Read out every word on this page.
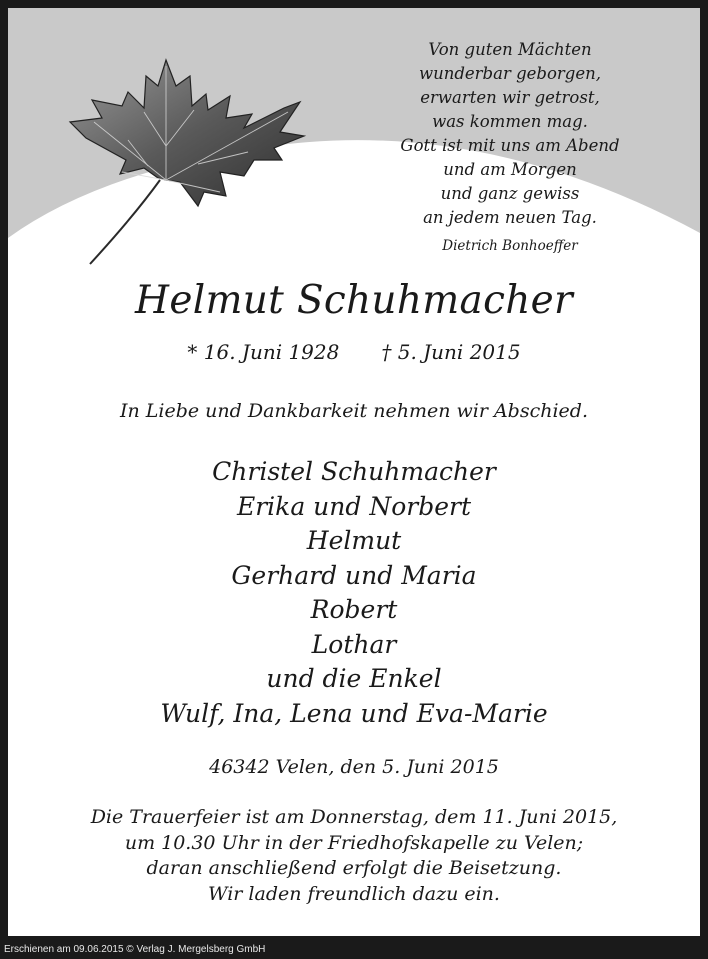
Von guten Mächten
wunderbar geborgen,
erwarten wir getrost,
was kommen mag.
Gott ist mit uns am Abend
und am Morgen
und ganz gewiss
an jedem neuen Tag.
Dietrich Bonhoeffer
Helmut Schuhmacher
* 16. Juni 1928 † 5. Juni 2015
In Liebe und Dankbarkeit nehmen wir Abschied.
Christel Schuhmacher
Erika und Norbert
Helmut
Gerhard und Maria
Robert
Lothar
und die Enkel
Wulf, Ina, Lena und Eva-Marie
46342 Velen, den 5. Juni 2015
Die Trauerfeier ist am Donnerstag, dem 11. Juni 2015,
um 10.30 Uhr in der Friedhofskapelle zu Velen;
daran anschließend erfolgt die Beisetzung.
Wir laden freundlich dazu ein.
Erschienen am 09.06.2015 © Verlag J. Mergelsberg GmbH
